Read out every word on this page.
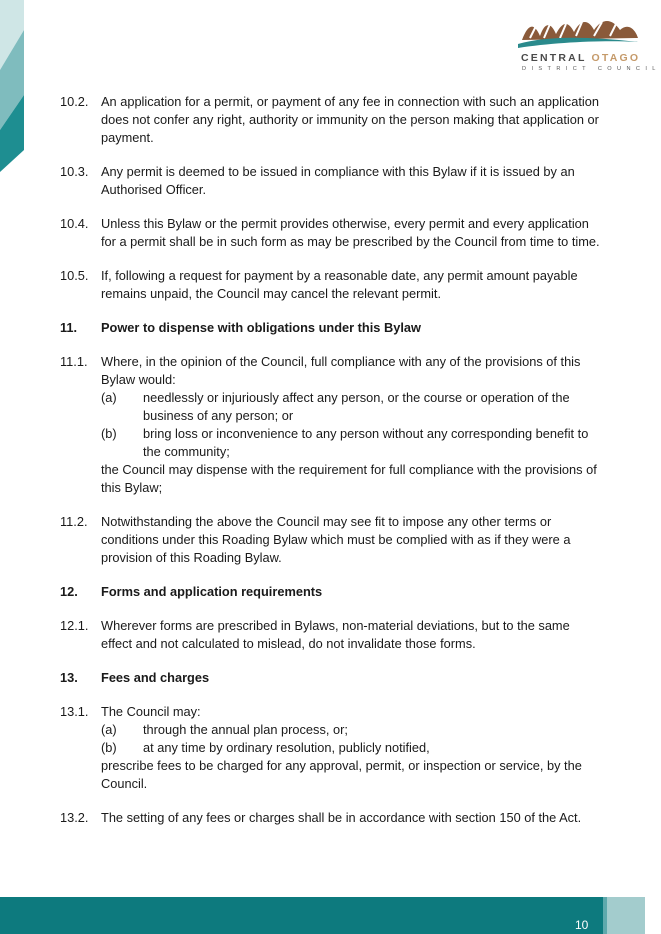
CENTRAL OTAGO
DISTRICT COUNCIL
10.2. An application for a permit, or payment of any fee in connection with such an application does not confer any right, authority or immunity on the person making that application or payment.
10.3. Any permit is deemed to be issued in compliance with this Bylaw if it is issued by an Authorised Officer.
10.4. Unless this Bylaw or the permit provides otherwise, every permit and every application for a permit shall be in such form as may be prescribed by the Council from time to time.
10.5. If, following a request for payment by a reasonable date, any permit amount payable remains unpaid, the Council may cancel the relevant permit.
11.	Power to dispense with obligations under this Bylaw
11.1.	Where, in the opinion of the Council, full compliance with any of the provisions of this Bylaw would:
(a)	needlessly or injuriously affect any person, or the course or operation of the business of any person; or
(b)	bring loss or inconvenience to any person without any corresponding benefit to the community;
the Council may dispense with the requirement for full compliance with the provisions of this Bylaw;
11.2.	Notwithstanding the above the Council may see fit to impose any other terms or conditions under this Roading Bylaw which must be complied with as if they were a provision of this Roading Bylaw.
12.	Forms and application requirements
12.1. Wherever forms are prescribed in Bylaws, non-material deviations, but to the same effect and not calculated to mislead, do not invalidate those forms.
13.	Fees and charges
13.1. The Council may:
(a)	through the annual plan process, or;
(b)	at any time by ordinary resolution, publicly notified,
prescribe fees to be charged for any approval, permit, or inspection or service, by the Council.
13.2. The setting of any fees or charges shall be in accordance with section 150 of the Act.
10
